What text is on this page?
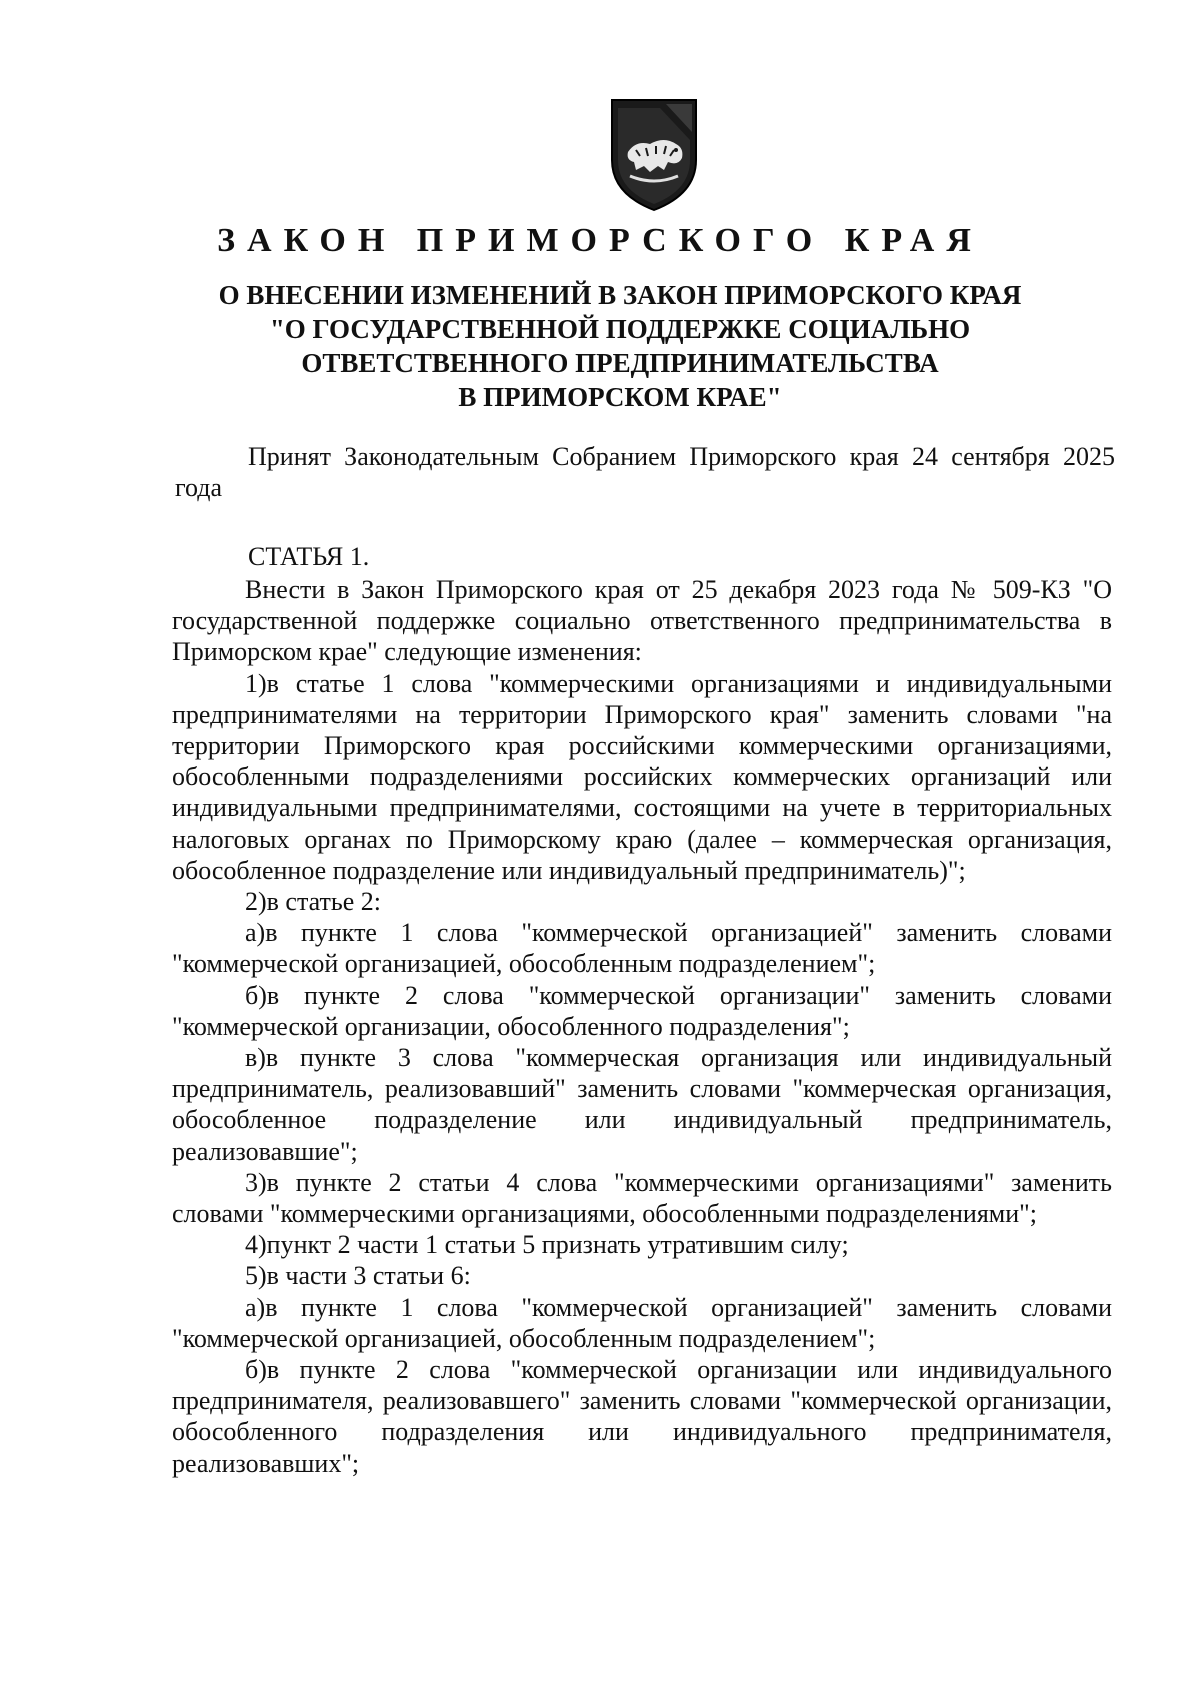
ЗАКОН ПРИМОРСКОГО КРАЯ
О ВНЕСЕНИИ ИЗМЕНЕНИЙ В ЗАКОН ПРИМОРСКОГО КРАЯ
"О ГОСУДАРСТВЕННОЙ ПОДДЕРЖКЕ СОЦИАЛЬНО
ОТВЕТСТВЕННОГО ПРЕДПРИНИМАТЕЛЬСТВА
В ПРИМОРСКОМ КРАЕ"

Принят Законодательным Собранием Приморского края 24 сентября 2025 года

СТАТЬЯ 1.

Внести в Закон Приморского края от 25 декабря 2023 года № 509-КЗ "О государственной поддержке социально ответственного предпринимательства в Приморском крае" следующие изменения:

1)в статье 1 слова "коммерческими организациями и индивидуальными предпринимателями на территории Приморского края" заменить словами "на территории Приморского края российскими коммерческими организациями, обособленными подразделениями российских коммерческих организаций или индивидуальными предпринимателями, состоящими на учете в территориальных налоговых органах по Приморскому краю (далее – коммерческая организация, обособленное подразделение или индивидуальный предприниматель)";

2)в статье 2:

а)в пункте 1 слова "коммерческой организацией" заменить словами "коммерческой организацией, обособленным подразделением";

б)в пункте 2 слова "коммерческой организации" заменить словами "коммерческой организации, обособленного подразделения";

в)в пункте 3 слова "коммерческая организация или индивидуальный предприниматель, реализовавший" заменить словами "коммерческая организация, обособленное подразделение или индивидуальный предприниматель, реализовавшие";

3)в пункте 2 статьи 4 слова "коммерческими организациями" заменить словами "коммерческими организациями, обособленными подразделениями";

4)пункт 2 части 1 статьи 5 признать утратившим силу;

5)в части 3 статьи 6:

а)в пункте 1 слова "коммерческой организацией" заменить словами "коммерческой организацией, обособленным подразделением";

б)в пункте 2 слова "коммерческой организации или индивидуального предпринимателя, реализовавшего" заменить словами "коммерческой организации, обособленного подразделения или индивидуального предпринимателя, реализовавших";
